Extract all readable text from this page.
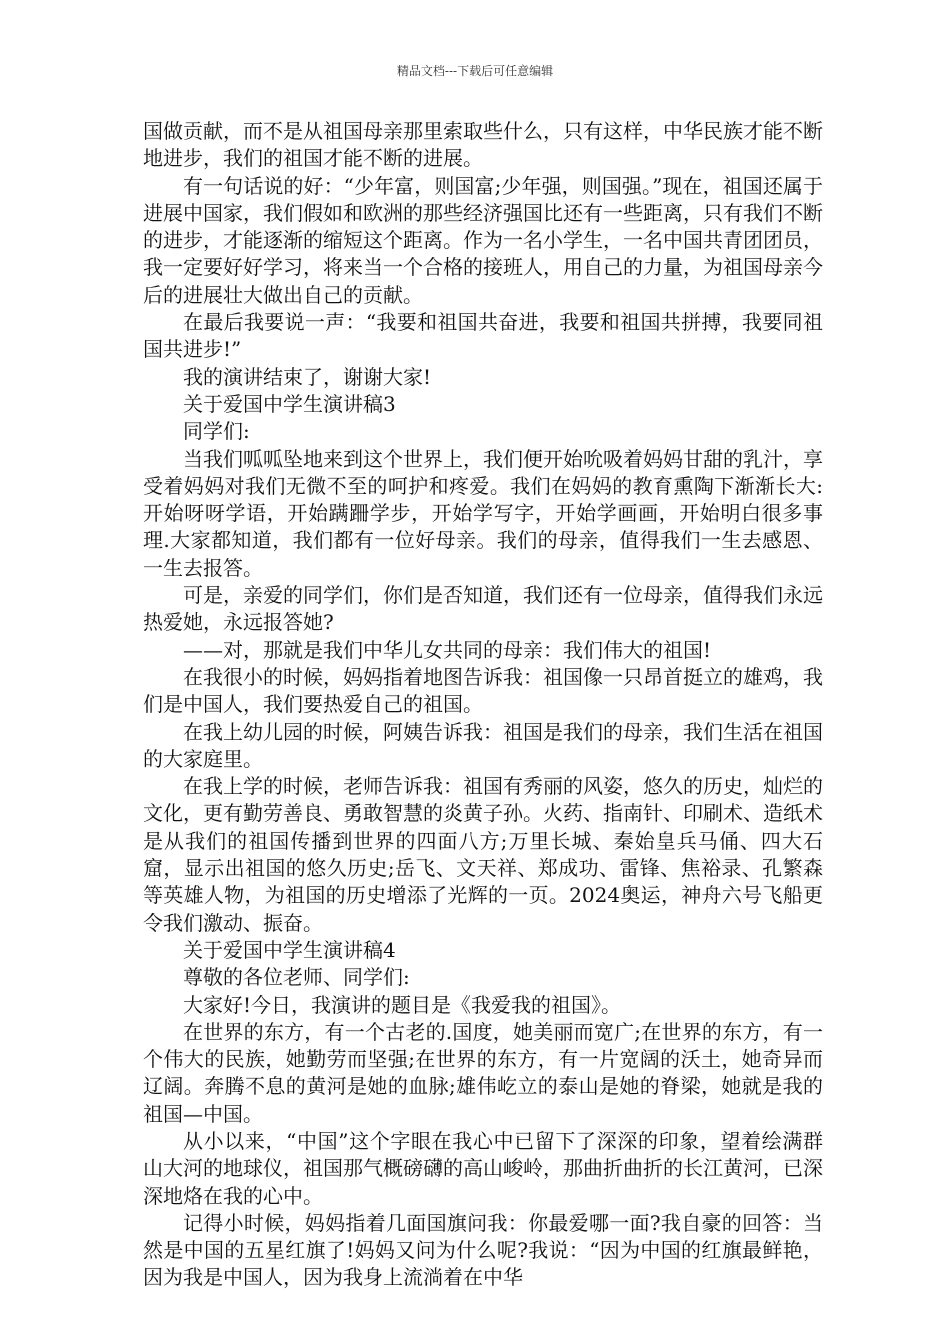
精品文档---下载后可任意编辑

国做贡献，而不是从祖国母亲那里索取些什么，只有这样，中华民族才能不断地进步，我们的祖国才能不断的进展。

有一句话说的好：“少年富，则国富;少年强，则国强。”现在，祖国还属于进展中国家，我们假如和欧洲的那些经济强国比还有一些距离，只有我们不断的进步，才能逐渐的缩短这个距离。作为一名小学生，一名中国共青团团员，我一定要好好学习，将来当一个合格的接班人，用自己的力量，为祖国母亲今后的进展壮大做出自己的贡献。

在最后我要说一声：“我要和祖国共奋进，我要和祖国共拼搏，我要同祖国共进步!”

我的演讲结束了，谢谢大家!

关于爱国中学生演讲稿3

同学们:

当我们呱呱坠地来到这个世界上，我们便开始吮吸着妈妈甘甜的乳汁，享受着妈妈对我们无微不至的呵护和疼爱。我们在妈妈的教育熏陶下渐渐长大:开始呀呀学语，开始蹒跚学步，开始学写字，开始学画画，开始明白很多事理.大家都知道，我们都有一位好母亲。我们的母亲，值得我们一生去感恩、一生去报答。

可是，亲爱的同学们，你们是否知道，我们还有一位母亲，值得我们永远热爱她，永远报答她?

——对，那就是我们中华儿女共同的母亲：我们伟大的祖国!

在我很小的时候，妈妈指着地图告诉我：祖国像一只昂首挺立的雄鸡，我们是中国人，我们要热爱自己的祖国。

在我上幼儿园的时候，阿姨告诉我：祖国是我们的母亲，我们生活在祖国的大家庭里。

在我上学的时候，老师告诉我：祖国有秀丽的风姿，悠久的历史，灿烂的文化，更有勤劳善良、勇敢智慧的炎黄子孙。火药、指南针、印刷术、造纸术是从我们的祖国传播到世界的四面八方;万里长城、秦始皇兵马俑、四大石窟，显示出祖国的悠久历史;岳飞、文天祥、郑成功、雷锋、焦裕录、孔繁森等英雄人物，为祖国的历史增添了光辉的一页。2024奥运，神舟六号飞船更令我们激动、振奋。

关于爱国中学生演讲稿4

尊敬的各位老师、同学们:

大家好!今日，我演讲的题目是《我爱我的祖国》。

在世界的东方，有一个古老的.国度，她美丽而宽广;在世界的东方，有一个伟大的民族，她勤劳而坚强;在世界的东方，有一片宽阔的沃土，她奇异而辽阔。奔腾不息的黄河是她的血脉;雄伟屹立的泰山是她的脊梁，她就是我的祖国—中国。

从小以来，“中国”这个字眼在我心中已留下了深深的印象，望着绘满群山大河的地球仪，祖国那气概磅礴的高山峻岭，那曲折曲折的长江黄河，已深深地烙在我的心中。

记得小时候，妈妈指着几面国旗问我：你最爱哪一面?我自豪的回答：当然是中国的五星红旗了!妈妈又问为什么呢?我说：“因为中国的红旗最鲜艳，因为我是中国人，因为我身上流淌着在中华
